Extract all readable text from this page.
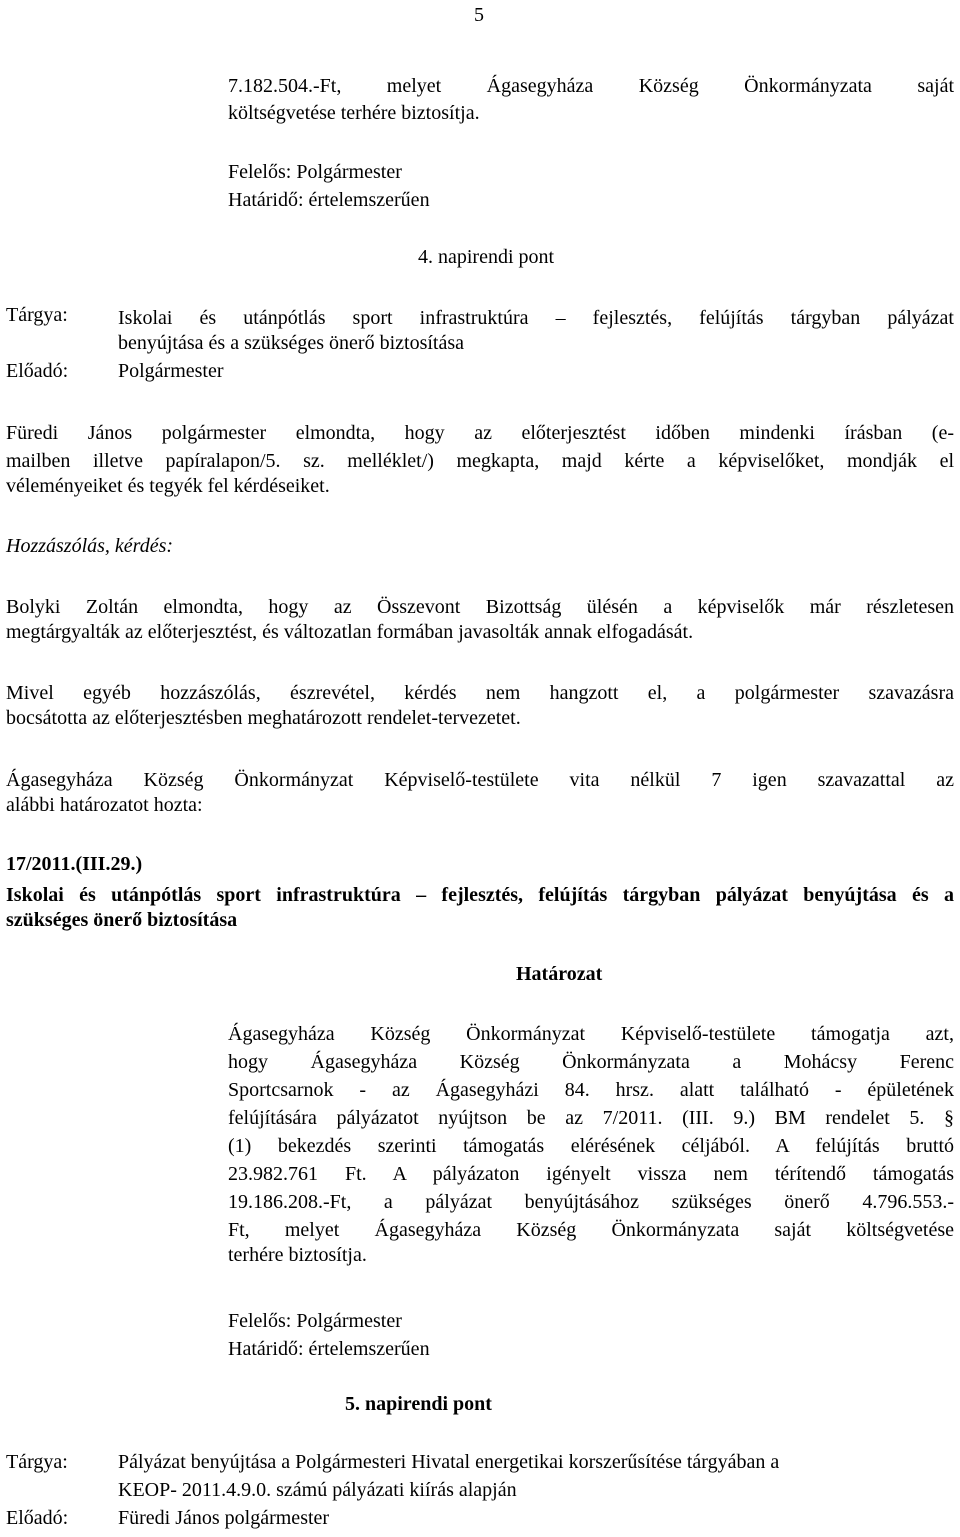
5
7.182.504.-Ft, melyet Ágasegyháza Község Önkormányzata saját
költségvetése terhére biztosítja.
Felelős: Polgármester
Határidő: értelemszerűen
4. napirendi pont
Tárgya:	Iskolai és utánpótlás sport infrastruktúra – fejlesztés, felújítás tárgyban pályázat
benyújtása és a szükséges önerő biztosítása
Előadó: Polgármester
Füredi János polgármester elmondta, hogy az előterjesztést időben mindenki írásban (e-
mailben illetve papíralapon/5. sz. melléklet/) megkapta, majd kérte a képviselőket, mondják el
véleményeiket és tegyék fel kérdéseiket.
Hozzászólás, kérdés:
Bolyki Zoltán elmondta, hogy az Összevont Bizottság ülésén a képviselők már részletesen
megtárgyalták az előterjesztést, és változatlan formában javasolták annak elfogadását.
Mivel egyéb hozzászólás, észrevétel, kérdés nem hangzott el, a polgármester szavazásra
bocsátotta az előterjesztésben meghatározott rendelet-tervezetet.
Ágasegyháza Község Önkormányzat Képviselő-testülete vita nélkül 7 igen szavazattal az
alábbi határozatot hozta:
17/2011.(III.29.)
Iskolai és utánpótlás sport infrastruktúra – fejlesztés, felújítás tárgyban pályázat benyújtása és a
szükséges önerő biztosítása
Határozat
Ágasegyháza Község Önkormányzat Képviselő-testülete támogatja azt,
hogy Ágasegyháza Község Önkormányzata a Mohácsy Ferenc
Sportcsarnok - az Ágasegyházi 84. hrsz. alatt található - épületének
felújítására pályázatot nyújtson be az 7/2011. (III. 9.) BM rendelet 5. §
(1) bekezdés szerinti támogatás elérésének céljából. A felújítás bruttó
23.982.761 Ft. A pályázaton igényelt vissza nem térítendő támogatás
19.186.208.-Ft, a pályázat benyújtásához szükséges önerő 4.796.553.-
Ft, melyet Ágasegyháza Község Önkormányzata saját költségvetése
terhére biztosítja.
Felelős: Polgármester
Határidő: értelemszerűen
5. napirendi pont
Tárgya:	Pályázat benyújtása a Polgármesteri Hivatal energetikai korszerűsítése tárgyában a
KEOP- 2011.4.9.0. számú pályázati kiírás alapján
Előadó: Füredi János polgármester
